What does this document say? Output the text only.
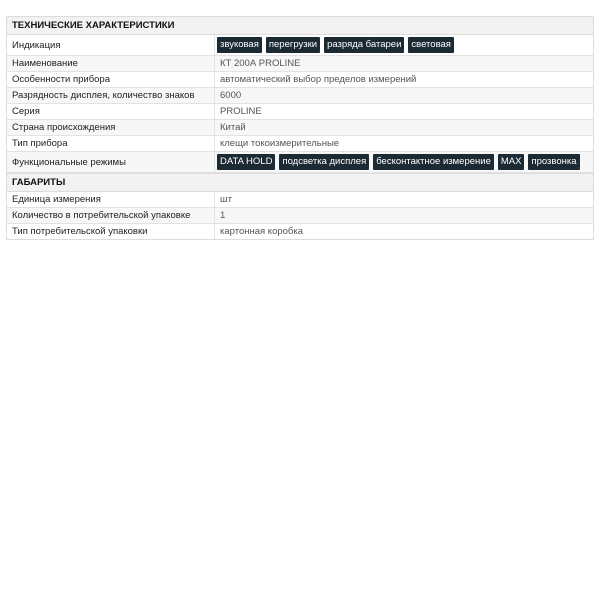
ТЕХНИЧЕСКИЕ ХАРАКТЕРИСТИКИ
Индикация	звуковая	перегрузки	разряда батареи	световая
Наименование	КТ 200А PROLINE
Особенности прибора	автоматический выбор пределов измерений
Разрядность дисплея, количество знаков	6000
Серия	PROLINE
Страна происхождения	Китай
Тип прибора	клещи токоизмерительные
Функциональные режимы	DATA HOLD	подсветка дисплея	бесконтактное измерение	MAX	прозвонка
ГАБАРИТЫ
Единица измерения	шт
Количество в потребительской упаковке	1
Тип потребительской упаковки	картонная коробка
